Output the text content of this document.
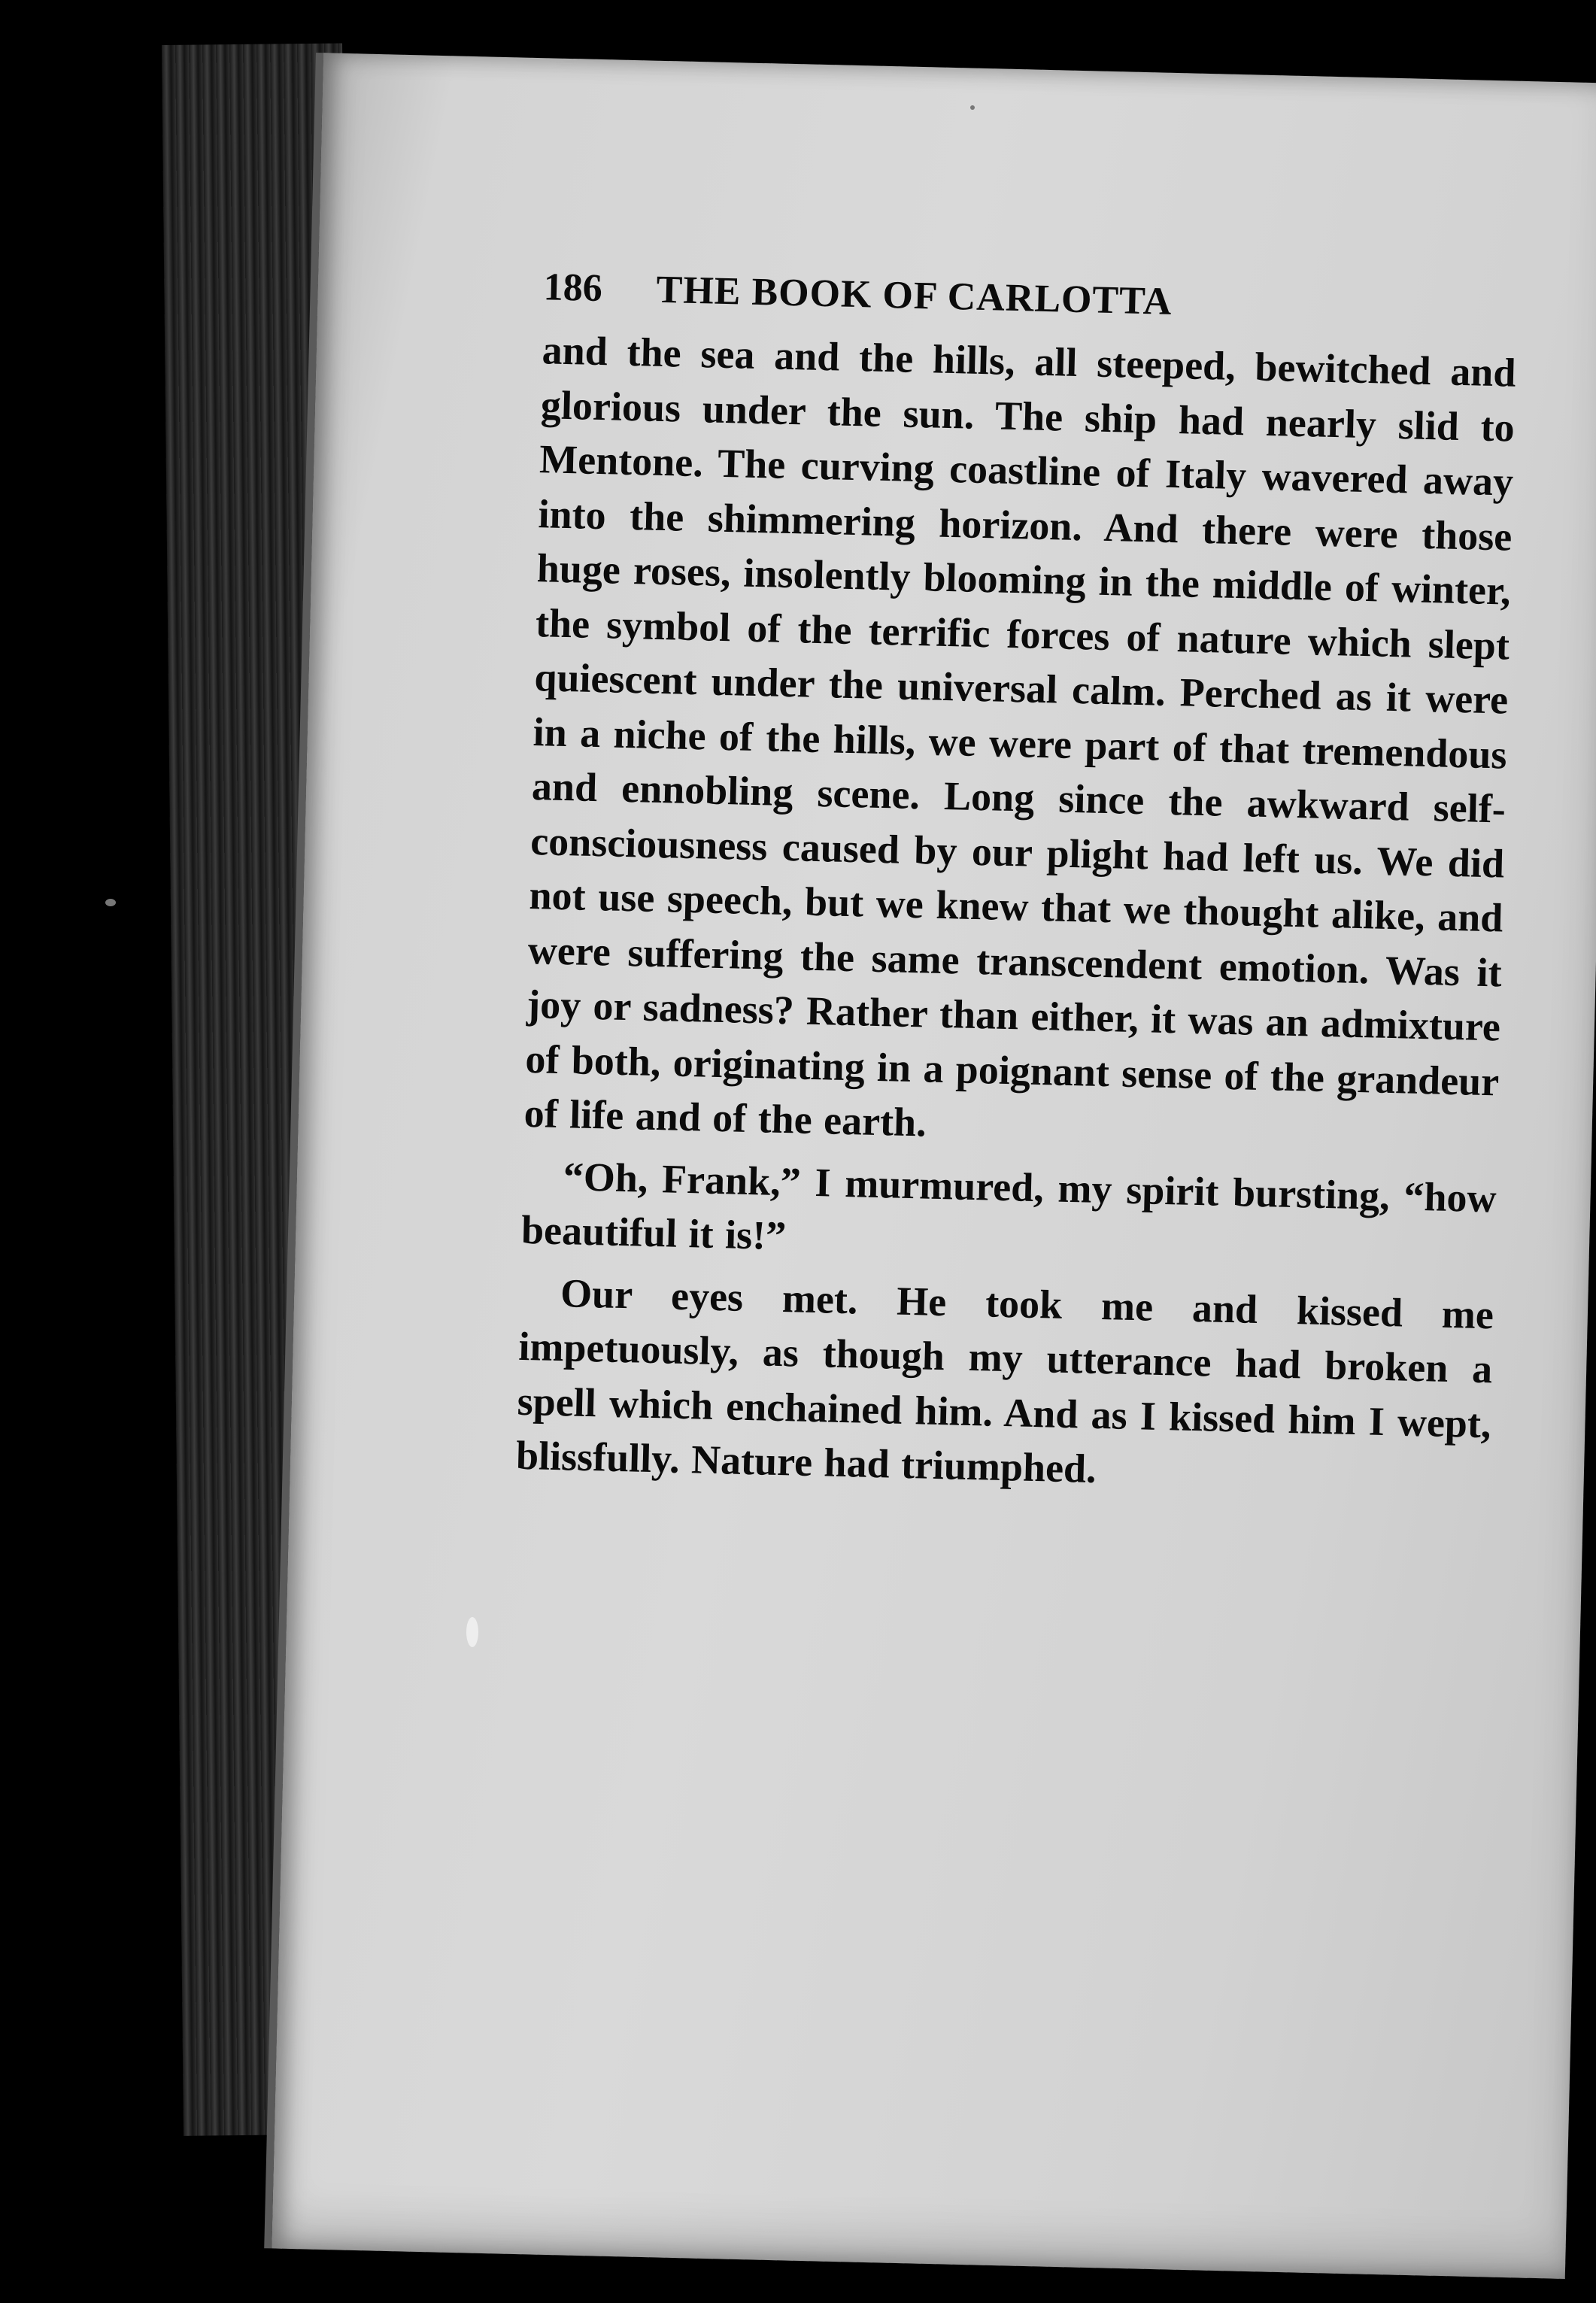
186	THE BOOK OF CARLOTTA

and the sea and the hills, all steeped, bewitched and glorious under the sun. The ship had nearly slid to Mentone. The curving coastline of Italy wavered away into the shimmering horizon. And there were those huge roses, insolently blooming in the middle of winter, the symbol of the terrific forces of nature which slept quiescent under the universal calm. Perched as it were in a niche of the hills, we were part of that tremendous and ennobling scene. Long since the awkward self-consciousness caused by our plight had left us. We did not use speech, but we knew that we thought alike, and were suffering the same transcendent emotion. Was it joy or sadness? Rather than either, it was an admixture of both, originating in a poignant sense of the grandeur of life and of the earth.

“Oh, Frank,” I murmured, my spirit bursting, “how beautiful it is!”

Our eyes met. He took me and kissed me impetuously, as though my utterance had broken a spell which enchained him. And as I kissed him I wept, blissfully. Nature had triumphed.
